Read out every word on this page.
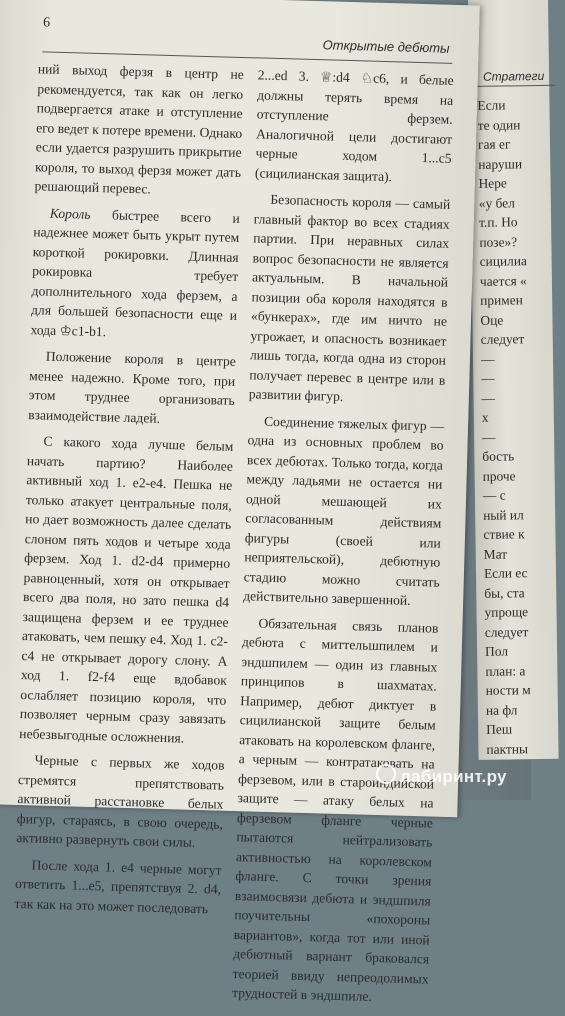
Стратеги
Если
те один
гая ег
наруши
Нере
«у бел
т.п. Но
позе»?
сицилиа
чается «
примен
Оце
следует
—
—
—
х
—
бость
проче
— с
ный ил
ствие к
Мат
Если ес
бы, ста
упроще
следует
Пол
план: а
ности м
на фл
Пеш
пактны
6
Открытые дебюты

ний выход ферзя в центр не рекомендуется, так как он легко подвергается атаке и отступление его ведет к потере времени. Однако если удается разрушить прикрытие короля, то выход ферзя может дать решающий перевес.

Король быстрее всего и надежнее может быть укрыт путем короткой рокировки. Длинная рокировка требует дополнительного хода ферзем, а для большей безопасности еще и хода ♔c1-b1.

Положение короля в центре менее надежно. Кроме того, при этом труднее организовать взаимодействие ладей.

С какого хода лучше белым начать партию? Наиболее активный ход 1. e2-e4. Пешка не только атакует центральные поля, но дает возможность далее сделать слоном пять ходов и четыре хода ферзем. Ход 1. d2-d4 примерно равноценный, хотя он открывает всего два поля, но зато пешка d4 защищена ферзем и ее труднее атаковать, чем пешку e4. Ход 1. c2-c4 не открывает дорогу слону. А ход 1. f2-f4 еще вдобавок ослабляет позицию короля, что позволяет черным сразу завязать небезвыгодные осложнения.

Черные с первых же ходов стремятся препятствовать активной расстановке белых фигур, стараясь, в свою очередь, активно развернуть свои силы.

После хода 1. e4 черные могут ответить 1...e5, препятствуя 2. d4, так как на это может последовать

2...ed 3. ♕:d4 ♘c6, и белые должны терять время на отступление ферзем. Аналогичной цели достигают черные ходом 1...c5 (сицилианская защита).

Безопасность короля — самый главный фактор во всех стадиях партии. При неравных силах вопрос безопасности не является актуальным. В начальной позиции оба короля находятся в «бункерах», где им ничто не угрожает, и опасность возникает лишь тогда, когда одна из сторон получает перевес в центре или в развитии фигур.

Соединение тяжелых фигур — одна из основных проблем во всех дебютах. Только тогда, когда между ладьями не остается ни одной мешающей их согласованным действиям фигуры (своей или неприятельской), дебютную стадию можно считать действительно завершенной.

Обязательная связь планов дебюта с миттельшпилем и эндшпилем — один из главных принципов в шахматах. Например, дебют диктует в сицилианской защите белым атаковать на королевском фланге, а черным — контратаковать на ферзевом, или в староиндийской защите — атаку белых на ферзевом фланге черные пытаются нейтрализовать активностью на королевском фланге. С точки зрения взаимосвязи дебюта и эндшпиля поучительны «похороны вариантов», когда тот или иной дебютный вариант браковался теорией ввиду непреодолимых трудностей в эндшпиле.

лабиринт.ру
